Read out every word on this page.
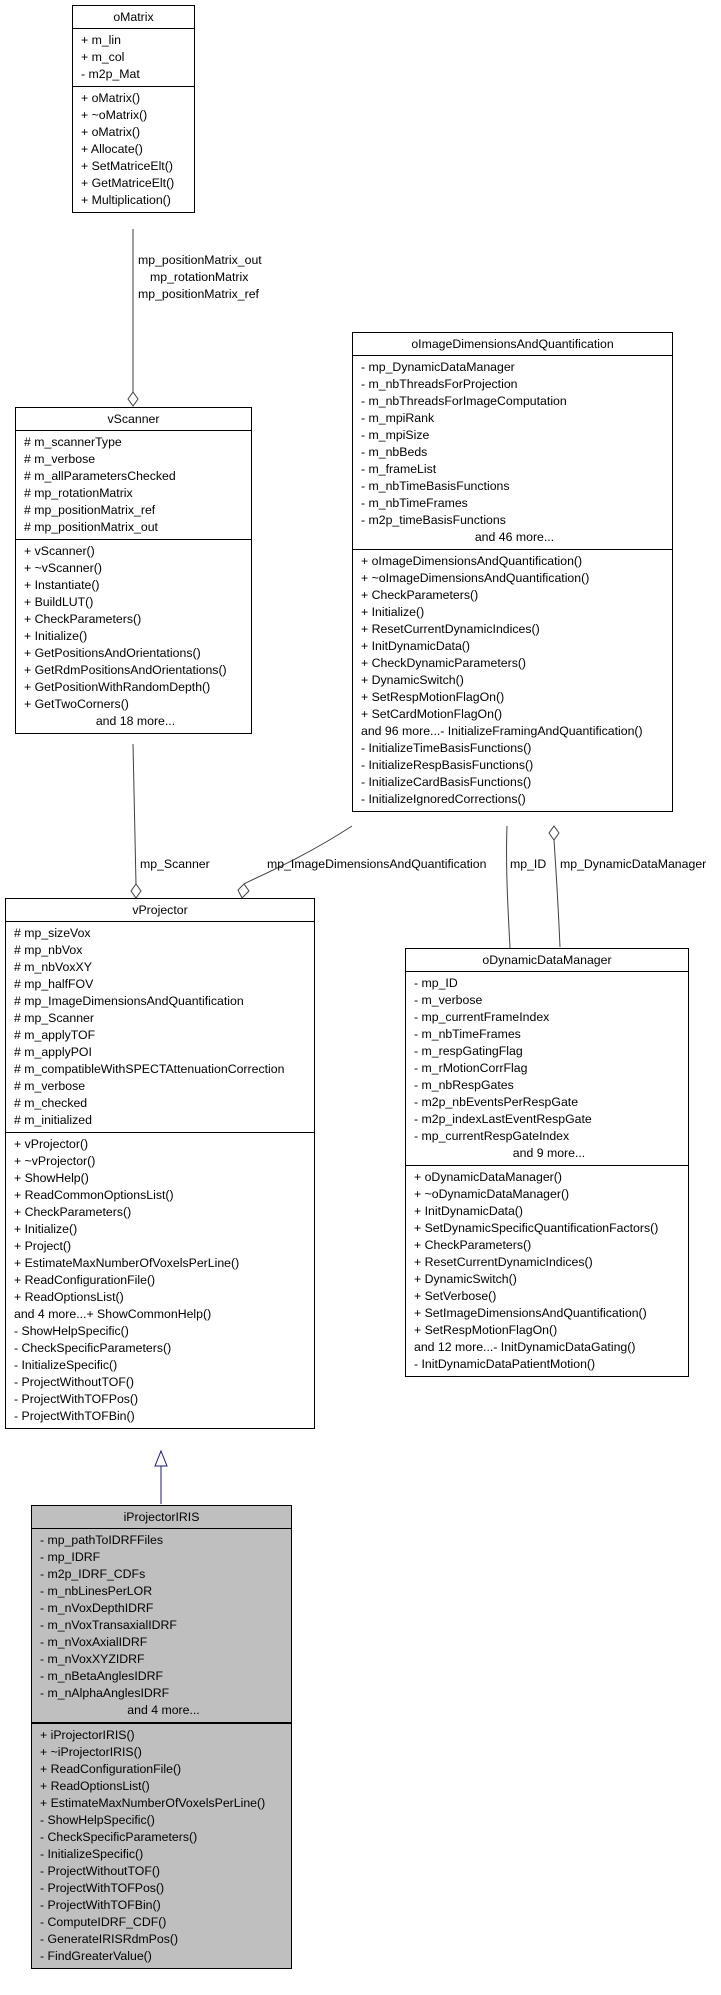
mp_positionMatrix_out
mp_rotationMatrix
mp_positionMatrix_ref
mp_Scanner	mp_ImageDimensionsAndQuantification mp_ID mp_DynamicDataManager
oMatrix
+ m_lin
+ m_col
- m2p_Mat
+ oMatrix()
+ ~oMatrix()
+ oMatrix()
+ Allocate()
+ SetMatriceElt()
+ GetMatriceElt()
+ Multiplication()
vScanner
# m_scannerType
# m_verbose
# m_allParametersChecked
# mp_rotationMatrix
# mp_positionMatrix_ref
# mp_positionMatrix_out
+ vScanner()
+ ~vScanner()
+ Instantiate()
+ BuildLUT()
+ CheckParameters()
+ Initialize()
+ GetPositionsAndOrientations()
+ GetRdmPositionsAndOrientations()
+ GetPositionWithRandomDepth()
+ GetTwoCorners()
and 18 more...
oImageDimensionsAndQuantification
- mp_DynamicDataManager
- m_nbThreadsForProjection
- m_nbThreadsForImageComputation
- m_mpiRank
- m_mpiSize
- m_nbBeds
- m_frameList
- m_nbTimeBasisFunctions
- m_nbTimeFrames
- m2p_timeBasisFunctions
and 46 more...
+ oImageDimensionsAndQuantification()
+ ~oImageDimensionsAndQuantification()
+ CheckParameters()
+ Initialize()
+ ResetCurrentDynamicIndices()
+ InitDynamicData()
+ CheckDynamicParameters()
+ DynamicSwitch()
+ SetRespMotionFlagOn()
+ SetCardMotionFlagOn()
and 96 more...- InitializeFramingAndQuantification()
- InitializeTimeBasisFunctions()
- InitializeRespBasisFunctions()
- InitializeCardBasisFunctions()
- InitializeIgnoredCorrections()
vProjector
# mp_sizeVox
# mp_nbVox
# m_nbVoxXY
# mp_halfFOV
# mp_ImageDimensionsAndQuantification
# mp_Scanner
# m_applyTOF
# m_applyPOI
# m_compatibleWithSPECTAttenuationCorrection
# m_verbose
# m_checked
# m_initialized
+ vProjector()
+ ~vProjector()
+ ShowHelp()
+ ReadCommonOptionsList()
+ CheckParameters()
+ Initialize()
+ Project()
+ EstimateMaxNumberOfVoxelsPerLine()
+ ReadConfigurationFile()
+ ReadOptionsList()
and 4 more...+ ShowCommonHelp()
- ShowHelpSpecific()
- CheckSpecificParameters()
- InitializeSpecific()
- ProjectWithoutTOF()
- ProjectWithTOFPos()
- ProjectWithTOFBin()
oDynamicDataManager
- mp_ID
- m_verbose
- mp_currentFrameIndex
- m_nbTimeFrames
- m_respGatingFlag
- m_rMotionCorrFlag
- m_nbRespGates
- m2p_nbEventsPerRespGate
- m2p_indexLastEventRespGate
- mp_currentRespGateIndex
and 9 more...
+ oDynamicDataManager()
+ ~oDynamicDataManager()
+ InitDynamicData()
+ SetDynamicSpecificQuantificationFactors()
+ CheckParameters()
+ ResetCurrentDynamicIndices()
+ DynamicSwitch()
+ SetVerbose()
+ SetImageDimensionsAndQuantification()
+ SetRespMotionFlagOn()
and 12 more...- InitDynamicDataGating()
- InitDynamicDataPatientMotion()
iProjectorIRIS
- mp_pathToIDRFFiles
- mp_IDRF
- m2p_IDRF_CDFs
- m_nbLinesPerLOR
- m_nVoxDepthIDRF
- m_nVoxTransaxialIDRF
- m_nVoxAxialIDRF
- m_nVoxXYZIDRF
- m_nBetaAnglesIDRF
- m_nAlphaAnglesIDRF
and 4 more...
+ iProjectorIRIS()
+ ~iProjectorIRIS()
+ ReadConfigurationFile()
+ ReadOptionsList()
+ EstimateMaxNumberOfVoxelsPerLine()
- ShowHelpSpecific()
- CheckSpecificParameters()
- InitializeSpecific()
- ProjectWithoutTOF()
- ProjectWithTOFPos()
- ProjectWithTOFBin()
- ComputeIDRF_CDF()
- GenerateIRISRdmPos()
- FindGreaterValue()
